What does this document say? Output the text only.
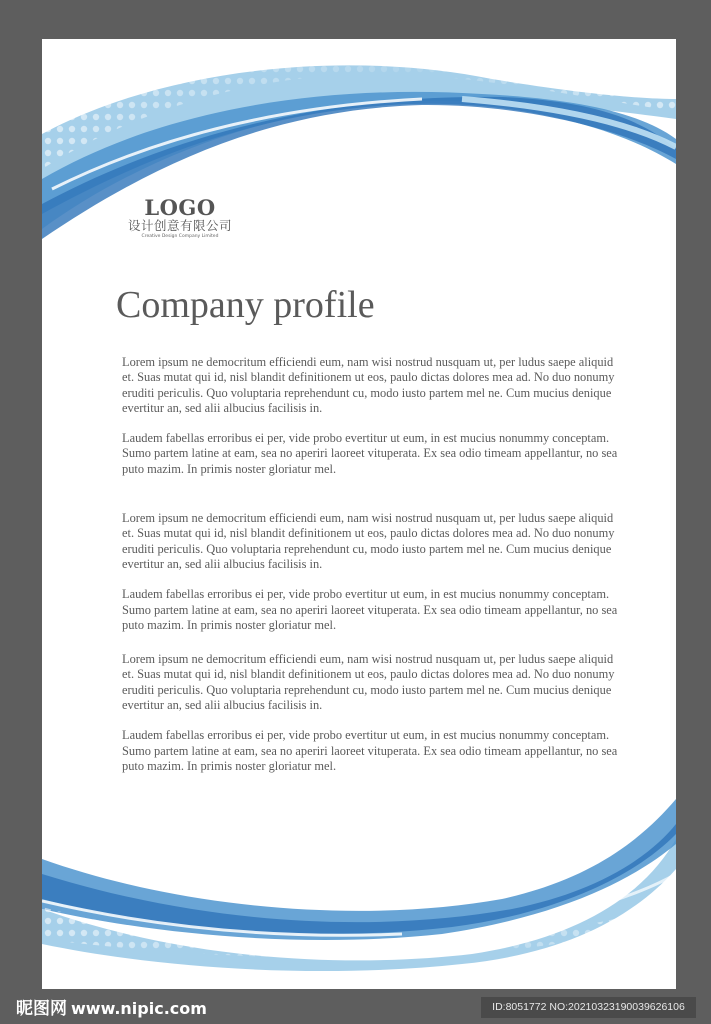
LOGO
设计创意有限公司
Creative Design Company Limited
Company profile

Lorem ipsum ne democritum efficiendi eum, nam wisi nostrud nusquam ut, per ludus saepe aliquid et. Suas mutat qui id, nisl blandit definitionem ut eos, paulo dictas dolores mea ad. No duo nonumy eruditi periculis. Quo voluptaria reprehendunt cu, modo iusto partem mel ne. Cum mucius denique evertitur an, sed alii albucius facilisis in.

Laudem fabellas erroribus ei per, vide probo evertitur ut eum, in est mucius nonummy conceptam. Sumo partem latine at eam, sea no aperiri laoreet vituperata. Ex sea odio timeam appellantur, no sea puto mazim. In primis noster gloriatur mel.

Lorem ipsum ne democritum efficiendi eum, nam wisi nostrud nusquam ut, per ludus saepe aliquid et. Suas mutat qui id, nisl blandit definitionem ut eos, paulo dictas dolores mea ad. No duo nonumy eruditi periculis. Quo voluptaria reprehendunt cu, modo iusto partem mel ne. Cum mucius denique evertitur an, sed alii albucius facilisis in.

Laudem fabellas erroribus ei per, vide probo evertitur ut eum, in est mucius nonummy conceptam. Sumo partem latine at eam, sea no aperiri laoreet vituperata. Ex sea odio timeam appellantur, no sea puto mazim. In primis noster gloriatur mel.

Lorem ipsum ne democritum efficiendi eum, nam wisi nostrud nusquam ut, per ludus saepe aliquid et. Suas mutat qui id, nisl blandit definitionem ut eos, paulo dictas dolores mea ad. No duo nonumy eruditi periculis. Quo voluptaria reprehendunt cu, modo iusto partem mel ne. Cum mucius denique evertitur an, sed alii albucius facilisis in.

Laudem fabellas erroribus ei per, vide probo evertitur ut eum, in est mucius nonummy conceptam. Sumo partem latine at eam, sea no aperiri laoreet vituperata. Ex sea odio timeam appellantur, no sea puto mazim. In primis noster gloriatur mel.

昵图网 www.nipic.com	ID:8051772 NO:20210323190039626106
